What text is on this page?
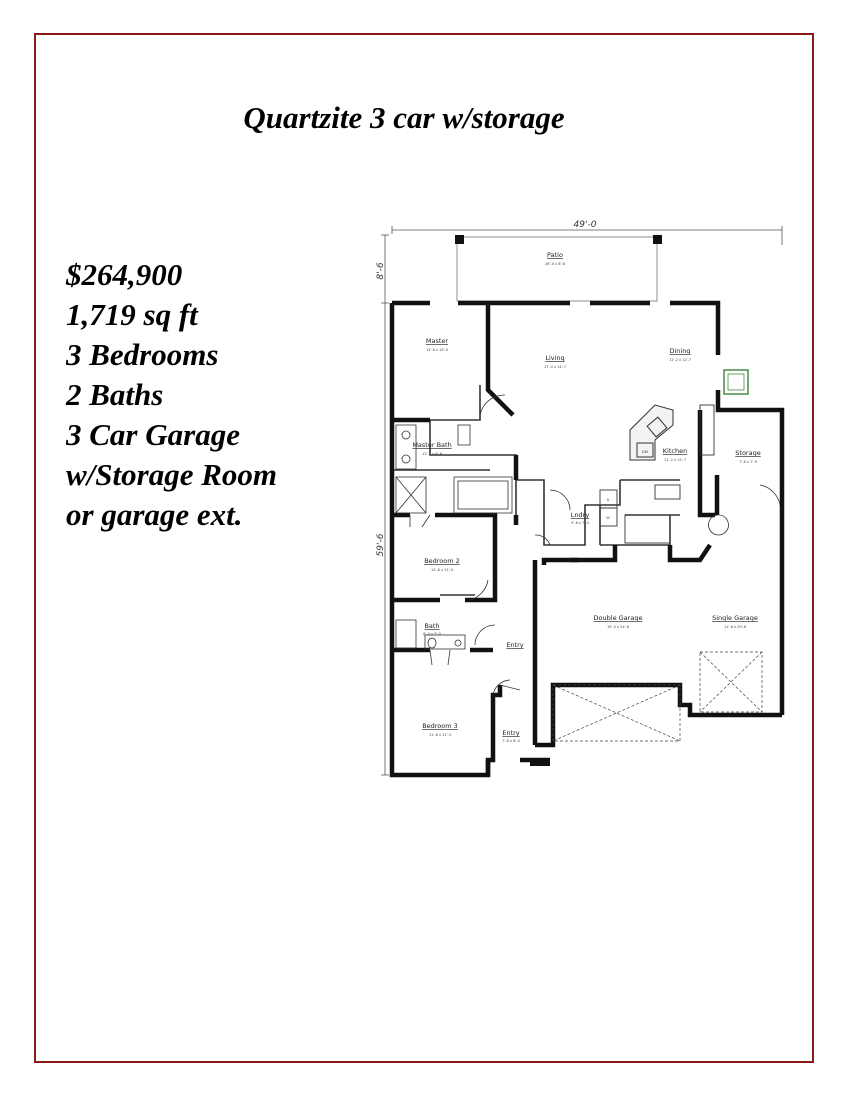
Quartzite 3 car w/storage
$264,900
1,719 sq ft
3 Bedrooms
2 Baths
3 Car Garage
w/Storage Room
or garage ext.
49'-0
8'-6
59'-6
DW
D
W
Patio
26'-0 x 8'-6
Master
13'-6 x 15'-0
Living
17'-4 x 14'-7
Dining
11'-2 x 12'-7
Master Bath
12'-1 x 8'-6	Kitchen
11'-2 x 12'-7
Storage
7'-6 x 7'-9
Lndry
5'-8 x 7'-0
Bedroom 2
12'-6 x 11'-0
Bath
8'-0 x 5'-0
Entry
Double Garage
19'-0 x 24'-6
Single Garage
11'-6 x 29'-6
Bedroom 3
11'-6 x 12'-3	Entry
7'-8 x 8'-0
